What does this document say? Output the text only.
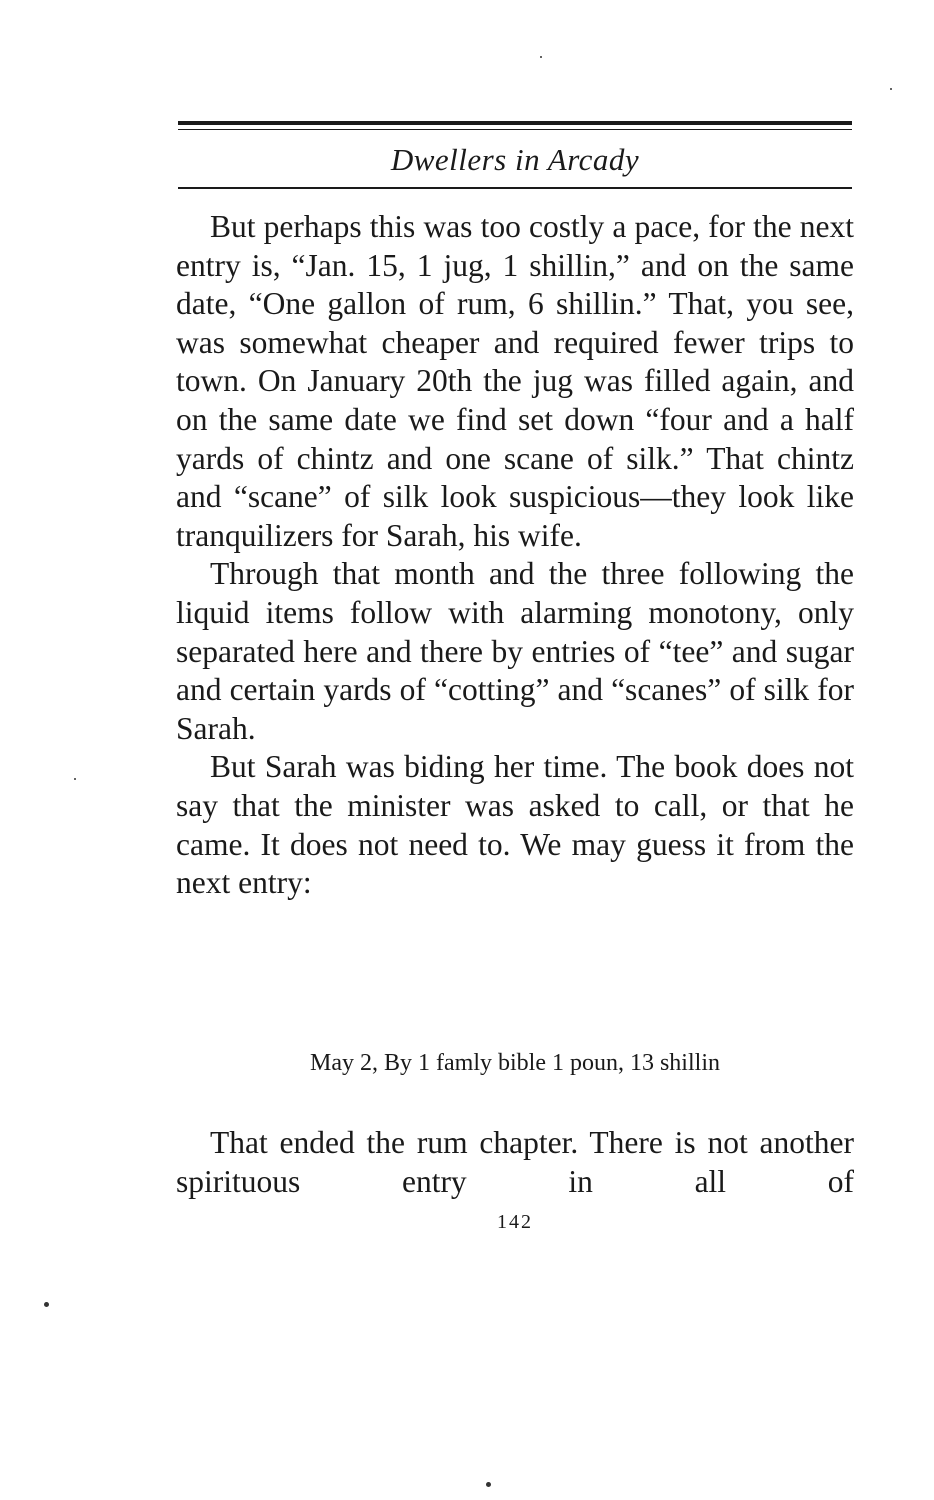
Dwellers in Arcady

But perhaps this was too costly a pace, for the next entry is, “Jan. 15, 1 jug, 1 shillin,” and on the same date, “One gallon of rum, 6 shillin.” That, you see, was somewhat cheaper and required fewer trips to town. On January 20th the jug was filled again, and on the same date we find set down “four and a half yards of chintz and one scane of silk.” That chintz and “scane” of silk look suspicious—they look like tranquilizers for Sarah, his wife.

Through that month and the three following the liquid items follow with alarming monotony, only separated here and there by entries of “tee” and sugar and certain yards of “cotting” and “scanes” of silk for Sarah.

But Sarah was biding her time. The book does not say that the minister was asked to call, or that he came. It does not need to. We may guess it from the next entry:

May 2, By 1 famly bible 1 poun, 13 shillin

That ended the rum chapter. There is not another spirituous entry in all of

142
